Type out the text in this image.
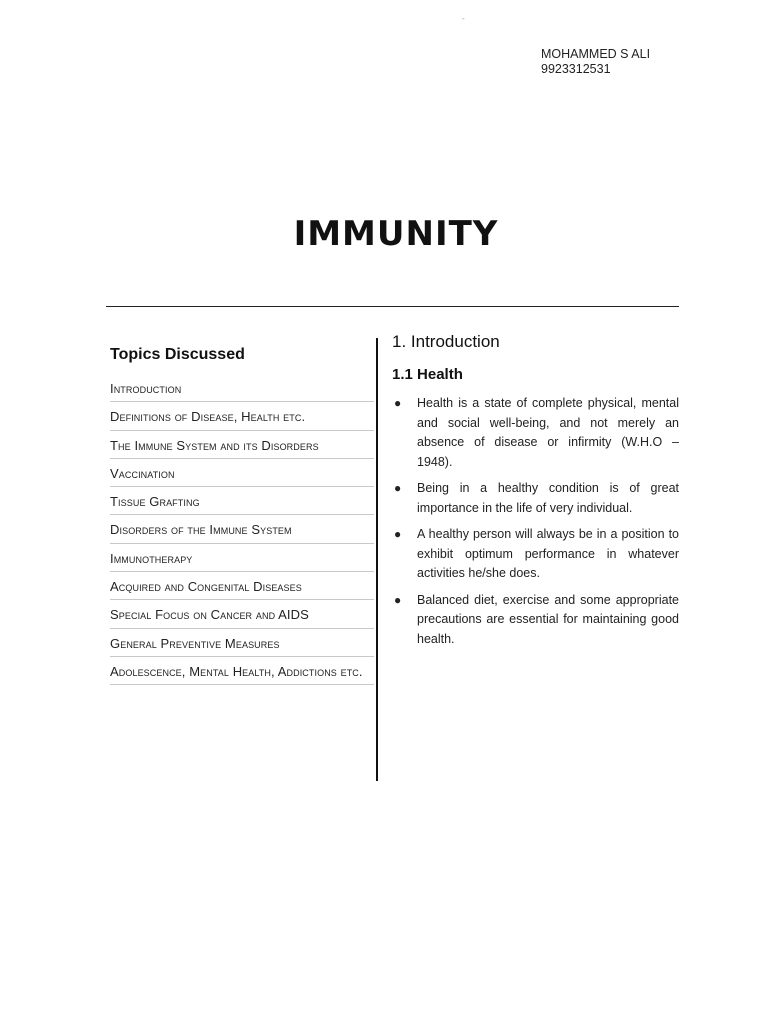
-
MOHAMMED S ALI
9923312531
IMMUNITY
Topics Discussed
Introduction
Definitions of Disease, Health etc.
The Immune System and its Disorders
Vaccination
Tissue Grafting
Disorders of the Immune System
Immunotherapy
Acquired and Congenital Diseases
Special Focus on Cancer and AIDS
General Preventive Measures
Adolescence, Mental Health, Addictions etc.
1. Introduction
1.1 Health
● Health is a state of complete physical, mental and social well-being, and not merely an absence of disease or infirmity (W.H.O – 1948).
● Being in a healthy condition is of great importance in the life of very individual.
● A healthy person will always be in a position to exhibit optimum performance in whatever activities he/she does.
● Balanced diet, exercise and some appropriate precautions are essential for maintaining good health.
